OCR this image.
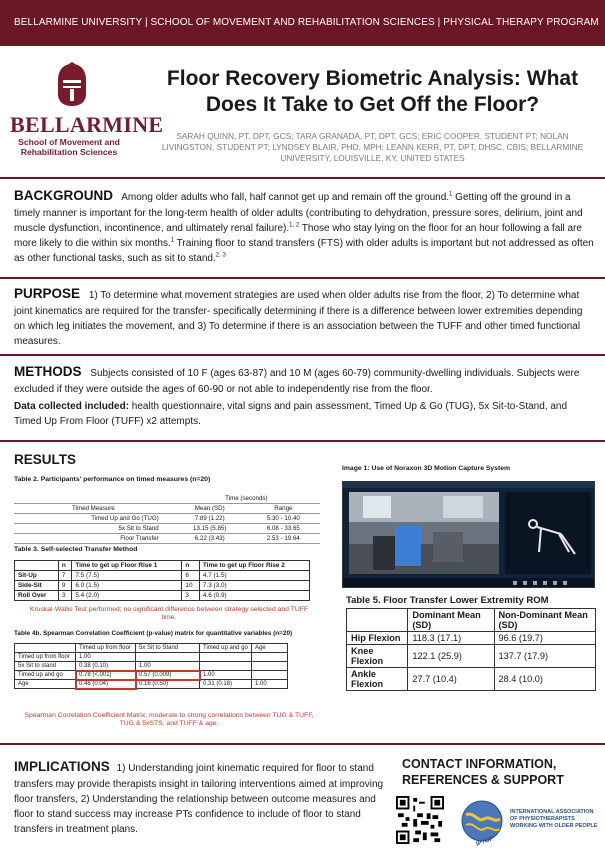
BELLARMINE UNIVERSITY | SCHOOL OF MOVEMENT AND REHABILITATION SCIENCES | PHYSICAL THERAPY PROGRAM
BELLARMINE
School of Movement and Rehabilitation Sciences
Floor Recovery Biometric Analysis: What Does It Take to Get Off the Floor?
SARAH QUINN, PT, DPT, GCS; TARA GRANADA, PT, DPT, GCS; ERIC COOPER, STUDENT PT; NOLAN LIVINGSTON, STUDENT PT; LYNDSEY BLAIR, PHD, MPH; LEANN KERR, PT, DPT, DHSC, CBIS; BELLARMINE UNIVERSITY, LOUISVILLE, KY, UNITED STATES
BACKGROUND Among older adults who fall, half cannot get up and remain off the ground.$^1$ Getting off the ground in a timely manner is important for the long-term health of older adults (contributing to dehydration, pressure sores, delirium, joint and muscle dysfunction, incontinence, and ultimately renal failure).$^{1, 2}$ Those who stay lying on the floor for an hour following a fall are more likely to die within six months.$^1$ Training floor to stand transfers (FTS) with older adults is important but not addressed as often as other functional tasks, such as sit to stand.$^{2, 3}$
PURPOSE 1) To determine what movement strategies are used when older adults rise from the floor, 2) To determine what joint kinematics are required for the transfer- specifically determining if there is a difference between lower extremities depending on which leg initiates the movement, and 3) To determine if there is an association between the TUFF and other timed functional measures.
METHODS Subjects consisted of 10 F (ages 63-87) and 10 M (ages 60-79) community-dwelling individuals. Subjects were excluded if they were outside the ages of 60-90 or not able to independently rise from the floor.
Data collected included: health questionnaire, vital signs and pain assessment, Timed Up & Go (TUG), 5x Sit-to-Stand, and Timed Up From Floor (TUFF) x2 attempts.
RESULTS
Table 2. Participants' performance on timed measures (n=20)
	Time (seconds)	
Timed Measure	Mean (SD)	Range
Timed Up and Go (TUG)	7.89 (1.22)	5.30 - 10.40
5x Sit to Stand	13.15 (5.85)	6.08 - 33.65
Floor Transfer	6.22 (3.43)	2.53 - 19.64
Table 3. Self-selected Transfer Method
	n	Time to get up Floor Rise 1	n	Time to get up Floor Rise 2
Sit-Up	7	7.5 (7.5)	6	4.7 (1.5)
Side-Sit	9	6.0 (1.5)	10	7.3 (3.0)
Roll Over	3	5.4 (2.0)	3	4.6 (0.9)
Kruskal-Wallis Test performed; no significant difference between strategy selected and TUFF time.
Table 4b. Spearman Correlation Coefficient (p-value) matrix for quantitative variables (n=20)
	Timed up from floor	5x Sit to Stand	Timed up and go	Age
Timed up from floor	1.00			
5x Sit to stand	0.38 (0.10)	1.00		
Timed up and go	0.78 (<.001)	0.57 (0.009)	1.00	
Age	0.46 (0.04)	0.16 (0.50)	0.31 (0.18)	1.00
Spearman Correlation Coefficient Matrix; moderate to strong correlations between TUG & TUFF, TUG & 5xSTS, and TUFF & age.
Image 1: Use of Noraxon 3D Motion Capture System
Table 5. Floor Transfer Lower Extremity ROM
	Dominant Mean (SD)	Non-Dominant Mean (SD)
Hip Flexion	118.3 (17.1)	96.6 (19.7)
Knee Flexion	122.1 (25.9)	137.7 (17.9)
Ankle Flexion	27.7 (10.4)	28.4 (10.0)
IMPLICATIONS 1) Understanding joint kinematic required for floor to stand transfers may provide therapists insight in tailoring interventions aimed at improving floor transfers, 2) Understanding the relationship between outcome measures and floor to stand success may increase PTs confidence to include of floor to stand transfers in treatment plans.
CONTACT INFORMATION, REFERENCES & SUPPORT
IPTOP
INTERNATIONAL ASSOCIATION OF PHYSIOTHERAPISTS WORKING WITH OLDER PEOPLE
